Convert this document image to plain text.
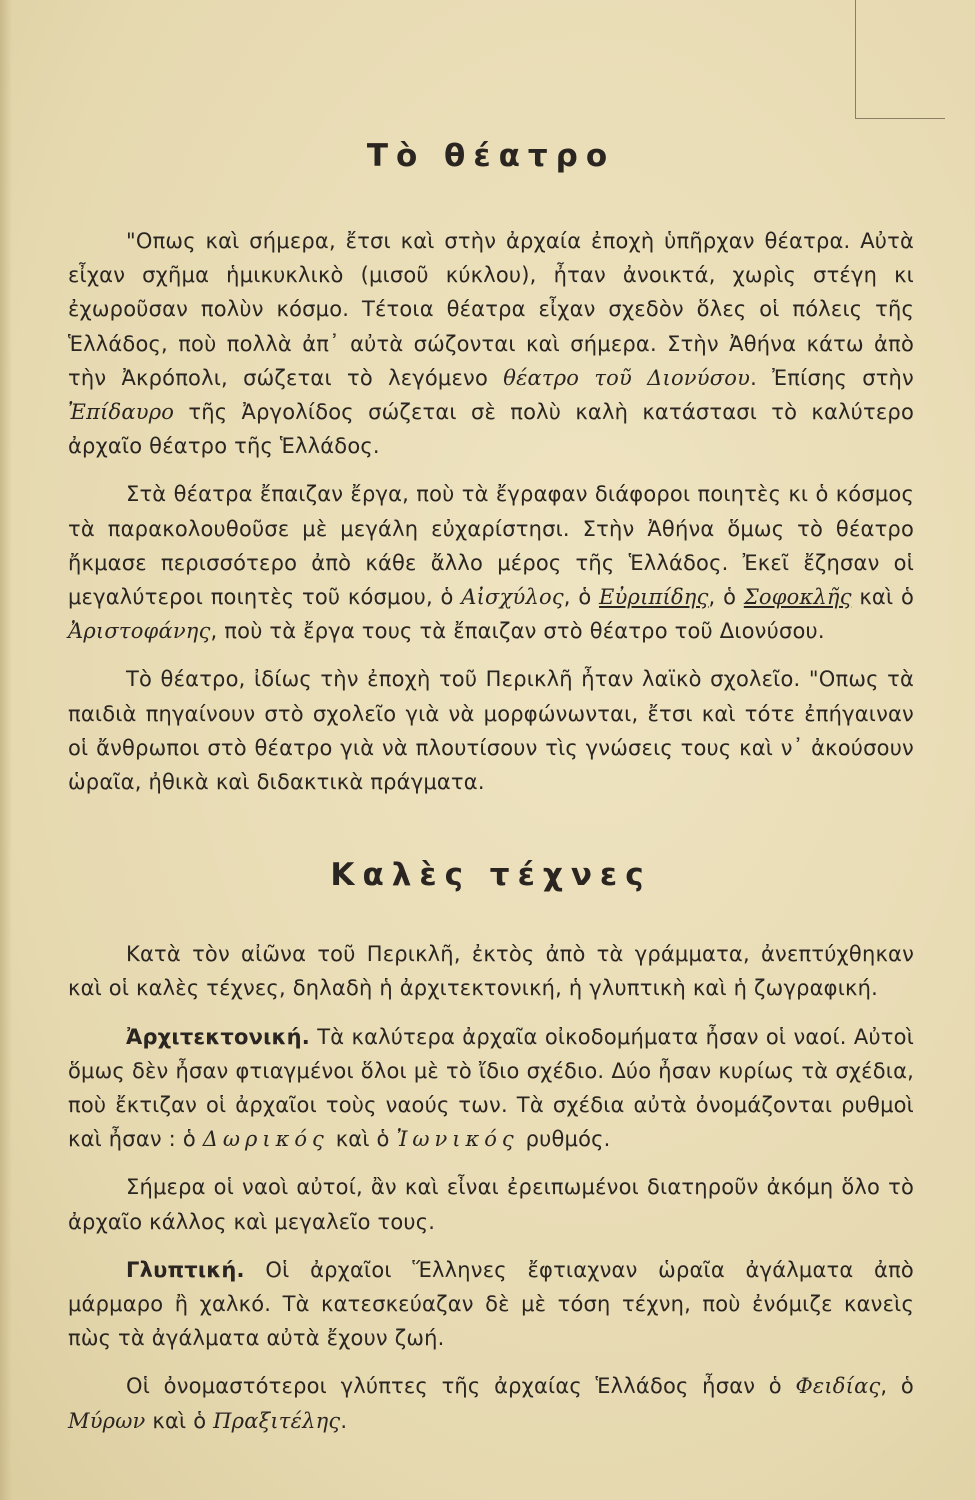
Τὸ θέατρο

"Οπως καὶ σήμερα, ἔτσι καὶ στὴν ἀρχαία ἐποχὴ ὑπῆρχαν θέατρα. Αὐτὰ εἶχαν σχῆμα ἡμικυκλικὸ (μισοῦ κύκλου), ἦταν ἀνοικτά, χωρὶς στέγη κι ἐχωροῦσαν πολὺν κόσμο. Τέτοια θέατρα εἶχαν σχεδὸν ὅλες οἱ πόλεις τῆς Ἑλλάδος, ποὺ πολλὰ ἀπ᾽ αὐτὰ σώζονται καὶ σήμερα. Στὴν Ἀθήνα κάτω ἀπὸ τὴν Ἀκρόπολι, σώζεται τὸ λεγόμενο θέατρο τοῦ Διονύσου. Ἐπίσης στὴν Ἐπίδαυρο τῆς Ἀργολίδος σώζεται σὲ πολὺ καλὴ κατάστασι τὸ καλύτερο ἀρχαῖο θέατρο τῆς Ἑλλάδος.

Στὰ θέατρα ἔπαιζαν ἔργα, ποὺ τὰ ἔγραφαν διάφοροι ποιητὲς κι ὁ κόσμος τὰ παρακολουθοῦσε μὲ μεγάλη εὐχαρίστησι. Στὴν Ἀθήνα ὅμως τὸ θέατρο ἤκμασε περισσότερο ἀπὸ κάθε ἄλλο μέρος τῆς Ἑλλάδος. Ἐκεῖ ἔζησαν οἱ μεγαλύτεροι ποιητὲς τοῦ κόσμου, ὁ Αἰσχύλος, ὁ Εὐριπίδης, ὁ Σοφοκλῆς καὶ ὁ Ἀριστοφάνης, ποὺ τὰ ἔργα τους τὰ ἔπαιζαν στὸ θέατρο τοῦ Διονύσου.

Τὸ θέατρο, ἰδίως τὴν ἐποχὴ τοῦ Περικλῆ ἦταν λαϊκὸ σχολεῖο. "Οπως τὰ παιδιὰ πηγαίνουν στὸ σχολεῖο γιὰ νὰ μορφώνωνται, ἔτσι καὶ τότε ἐπήγαιναν οἱ ἄνθρωποι στὸ θέατρο γιὰ νὰ πλουτίσουν τὶς γνώσεις τους καὶ ν᾽ ἀκούσουν ὡραῖα, ἠθικὰ καὶ διδακτικὰ πράγματα.

Καλὲς τέχνες

Κατὰ τὸν αἰῶνα τοῦ Περικλῆ, ἐκτὸς ἀπὸ τὰ γράμματα, ἀνεπτύχθηκαν καὶ οἱ καλὲς τέχνες, δηλαδὴ ἡ ἀρχιτεκτονική, ἡ γλυπτικὴ καὶ ἡ ζωγραφική.

Ἀρχιτεκτονική. Τὰ καλύτερα ἀρχαῖα οἰκοδομήματα ἦσαν οἱ ναοί. Αὐτοὶ ὅμως δὲν ἦσαν φτιαγμένοι ὅλοι μὲ τὸ ἴδιο σχέδιο. Δύο ἦσαν κυρίως τὰ σχέδια, ποὺ ἔκτιζαν οἱ ἀρχαῖοι τοὺς ναούς των. Τὰ σχέδια αὐτὰ ὀνομάζονται ρυθμοὶ καὶ ἦσαν : ὁ Δωρικός καὶ ὁ Ἰωνικός ρυθμός.

Σήμερα οἱ ναοὶ αὐτοί, ἂν καὶ εἶναι ἐρειπωμένοι διατηροῦν ἀκόμη ὅλο τὸ ἀρχαῖο κάλλος καὶ μεγαλεῖο τους.

Γλυπτική. Οἱ ἀρχαῖοι Ἕλληνες ἔφτιαχναν ὡραῖα ἀγάλματα ἀπὸ μάρμαρο ἢ χαλκό. Τὰ κατεσκεύαζαν δὲ μὲ τόση τέχνη, ποὺ ἐνόμιζε κανεὶς πὼς τὰ ἀγάλματα αὐτὰ ἔχουν ζωή.

Οἱ ὀνομαστότεροι γλύπτες τῆς ἀρχαίας Ἑλλάδος ἦσαν ὁ Φειδίας, ὁ Μύρων καὶ ὁ Πραξιτέλης.
